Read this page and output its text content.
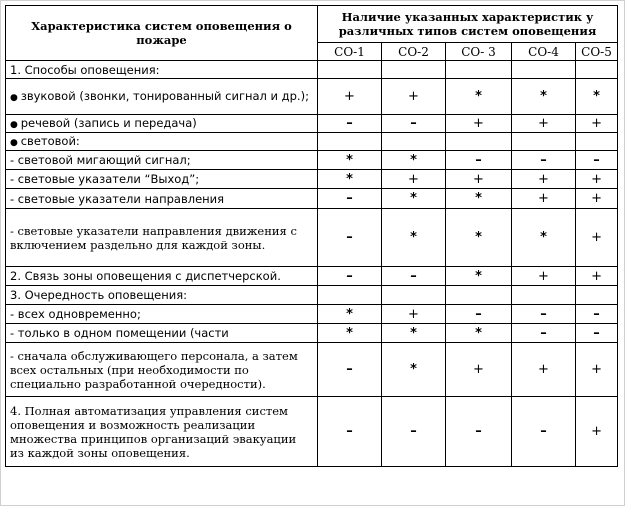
Характеристика систем оповещения о пожаре	Наличие указанных характеристик у различных типов систем оповещения				
	СО-1	СО-2	СО- 3	СО-4	СО-5
1. Способы оповещения:					
● звуковой (звонки, тонированный сигнал и др.);	+	+	*	*	*
● речевой (запись и передача)	–	–	+	+	+
● световой:					
- световой мигающий сигнал;	*	*	–	–	–
- световые указатели “Выход”;	*	+	+	+	+
- световые указатели направления	–	*	*	+	+
- световые указатели направления движения с включением раздельно для каждой зоны.	–	*	*	*	+
2. Связь зоны оповещения с диспетчерской.	–	–	*	+	+
3. Очередность оповещения:					
- всех одновременно;	*	+	–	–	–
- только в одном помещении (части	*	*	*	–	–
- сначала обслуживающего персонала, а затем всех остальных (при необходимости по специально разработанной очередности).	–	*	+	+	+
4. Полная автоматизация управления систем оповещения и возможность реализации множества принципов организаций эвакуации из каждой зоны оповещения.	–	–	–	–	+
